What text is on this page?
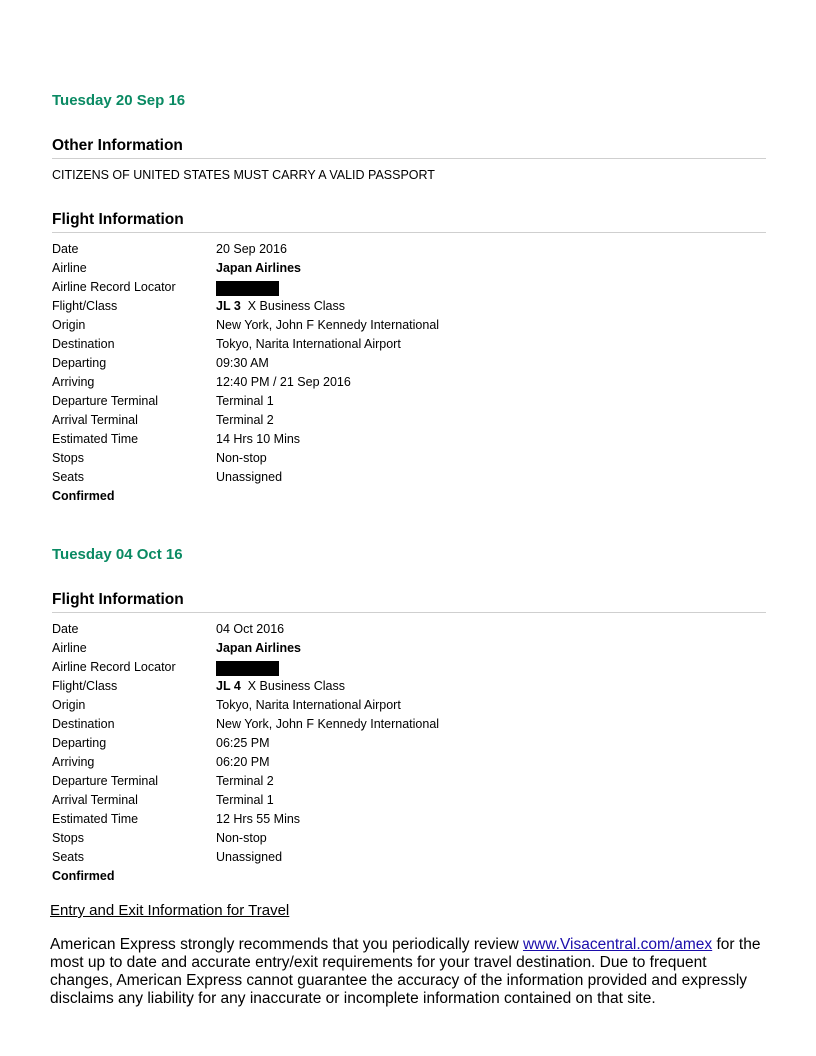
Tuesday 20 Sep 16
Other Information
CITIZENS OF UNITED STATES MUST CARRY A VALID PASSPORT
Flight Information
Date	20 Sep 2016
Airline	Japan Airlines
Airline Record Locator
Flight/Class	JL 3 X Business Class
Origin	New York, John F Kennedy International
Destination	Tokyo, Narita International Airport
Departing	09:30 AM
Arriving	12:40 PM / 21 Sep 2016
Departure Terminal	Terminal 1
Arrival Terminal	Terminal 2
Estimated Time	14 Hrs 10 Mins
Stops	Non-stop
Seats	Unassigned
Confirmed
Tuesday 04 Oct 16
Flight Information
Date	04 Oct 2016
Airline	Japan Airlines
Airline Record Locator
Flight/Class	JL 4 X Business Class
Origin	Tokyo, Narita International Airport
Destination	New York, John F Kennedy International
Departing	06:25 PM
Arriving	06:20 PM
Departure Terminal	Terminal 2
Arrival Terminal	Terminal 1
Estimated Time	12 Hrs 55 Mins
Stops	Non-stop
Seats	Unassigned
Confirmed
Entry and Exit Information for Travel
American Express strongly recommends that you periodically review www.Visacentral.com/amex for the most up to date and accurate entry/exit requirements for your travel destination. Due to frequent changes, American Express cannot guarantee the accuracy of the information provided and expressly disclaims any liability for any inaccurate or incomplete information contained on that site.
